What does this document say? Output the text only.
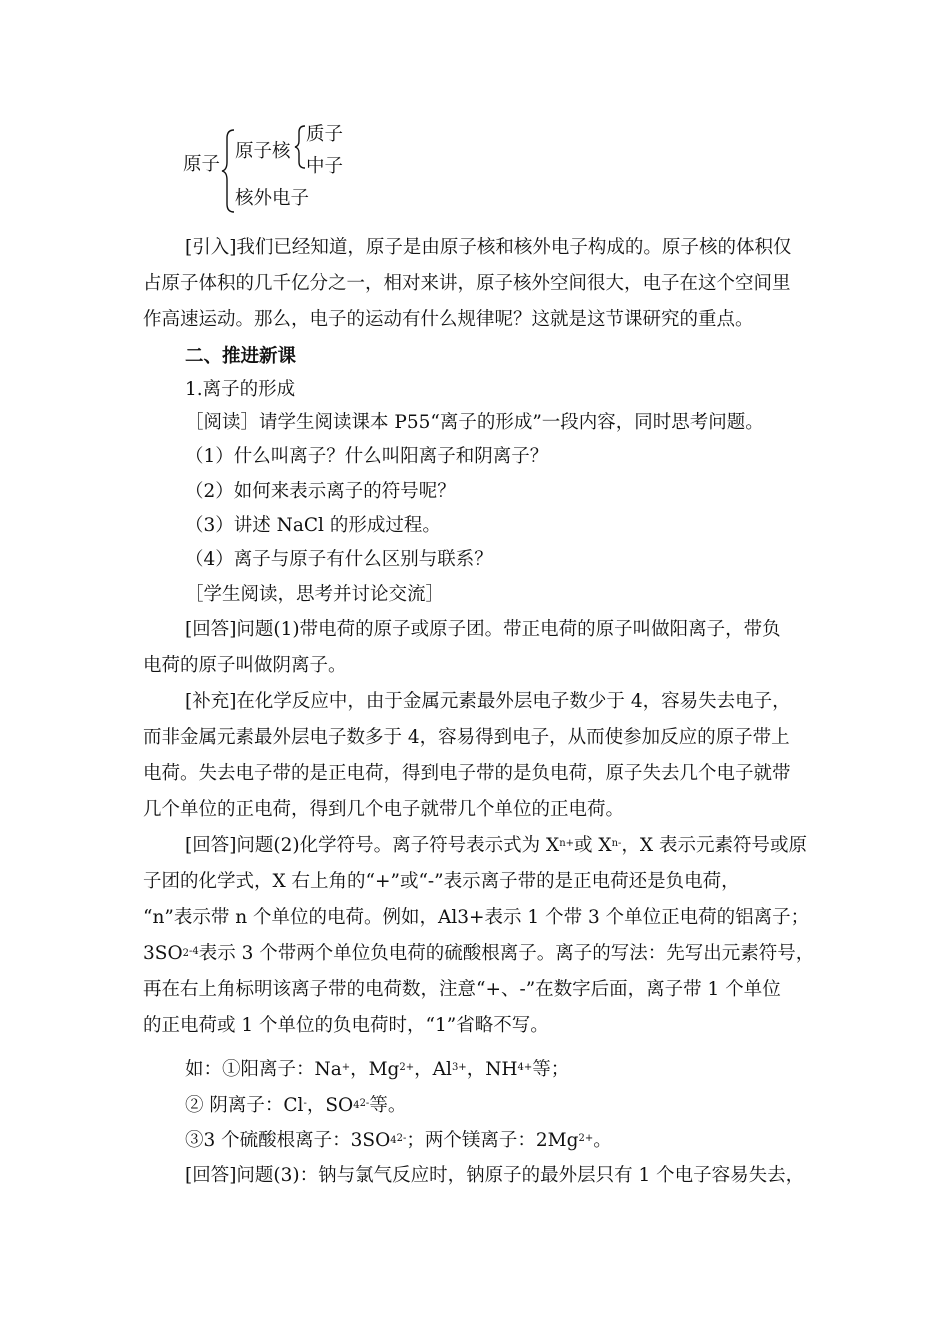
原子
原子核
质子
中子
核外电子
[引入]我们已经知道，原子是由原子核和核外电子构成的。原子核的体积仅
占原子体积的几千亿分之一，相对来讲，原子核外空间很大，电子在这个空间里
作高速运动。那么，电子的运动有什么规律呢？这就是这节课研究的重点。
二、推进新课
1.离子的形成
［阅读］请学生阅读课本 P55“离子的形成”一段内容，同时思考问题。
（1）什么叫离子？什么叫阳离子和阴离子？
（2）如何来表示离子的符号呢？
（3）讲述 NaCl 的形成过程。
（4）离子与原子有什么区别与联系？
［学生阅读，思考并讨论交流］
[回答]问题(1)带电荷的原子或原子团。带正电荷的原子叫做阳离子，带负
电荷的原子叫做阴离子。
[补充]在化学反应中，由于金属元素最外层电子数少于 4，容易失去电子，
而非金属元素最外层电子数多于 4，容易得到电子，从而使参加反应的原子带上
电荷。失去电子带的是正电荷，得到电子带的是负电荷，原子失去几个电子就带
几个单位的正电荷，得到几个电子就带几个单位的正电荷。
[回答]问题(2)化学符号。离子符号表示式为 $X^{n+}$或 $X^{n-}$，X 表示元素符号或原
子团的化学式，X 右上角的“+”或“-”表示离子带的是正电荷还是负电荷，
“n”表示带 n 个单位的电荷。例如，Al3+表示 1 个带 3 个单位正电荷的铝离子；
$3SO2^{-4}$表示 3 个带两个单位负电荷的硫酸根离子。离子的写法：先写出元素符号，
再在右上角标明该离子带的电荷数，注意“+、-”在数字后面，离子带 1 个单位
的正电荷或 1 个单位的负电荷时，“1”省略不写。
如：①阳离子：Na+，$Mg^{2+}$，$Al^{3+}$，$NH^{4+}$等；
② 阴离子：Cl-，$SO4^{2-}$等。
③3 个硫酸根离子：$3SO4^{2-}$；两个镁离子：$2Mg^{2+}$。
[回答]问题(3)：钠与氯气反应时，钠原子的最外层只有 1 个电子容易失去，
